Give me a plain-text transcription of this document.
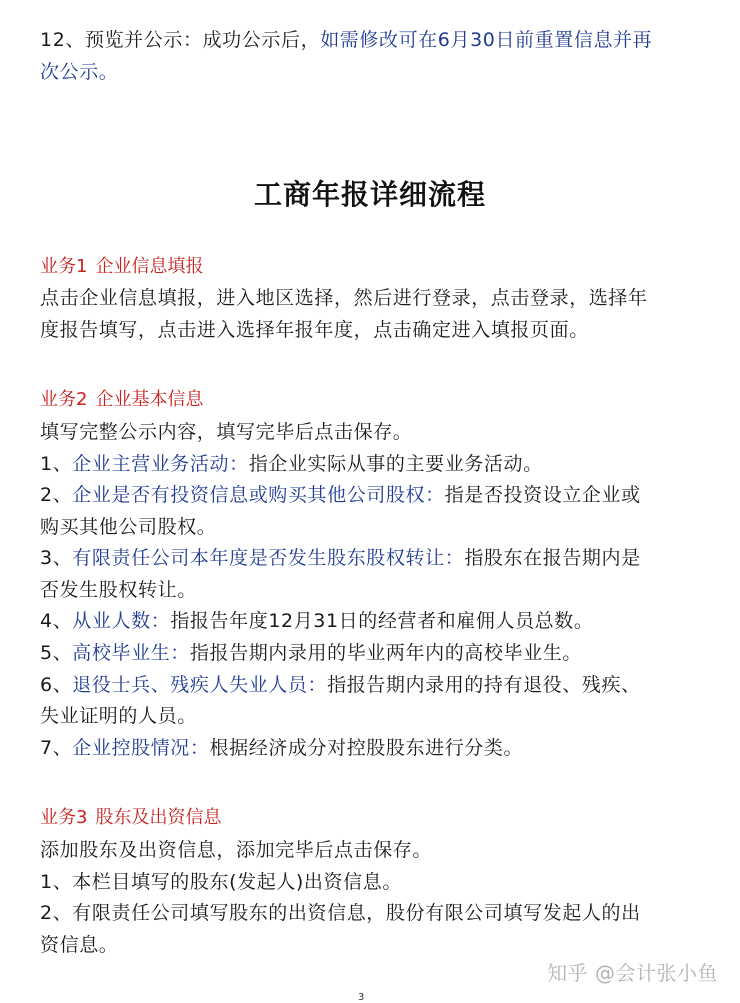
12、预览并公示：成功公示后，如需修改可在6月30日前重置信息并再
次公示。
工商年报详细流程
业务1 企业信息填报
点击企业信息填报，进入地区选择，然后进行登录，点击登录，选择年
度报告填写，点击进入选择年报年度，点击确定进入填报页面。
业务2 企业基本信息
填写完整公示内容，填写完毕后点击保存。
1、企业主营业务活动：指企业实际从事的主要业务活动。
2、企业是否有投资信息或购买其他公司股权：指是否投资设立企业或
购买其他公司股权。
3、有限责任公司本年度是否发生股东股权转让：指股东在报告期内是
否发生股权转让。
4、从业人数：指报告年度12月31日的经营者和雇佣人员总数。
5、高校毕业生：指报告期内录用的毕业两年内的高校毕业生。
6、退役士兵、残疾人失业人员：指报告期内录用的持有退役、残疾、
失业证明的人员。
7、企业控股情况：根据经济成分对控股股东进行分类。
业务3 股东及出资信息
添加股东及出资信息，添加完毕后点击保存。
1、本栏目填写的股东(发起人)出资信息。
2、有限责任公司填写股东的出资信息，股份有限公司填写发起人的出
资信息。
知乎 @会计张小鱼
3
